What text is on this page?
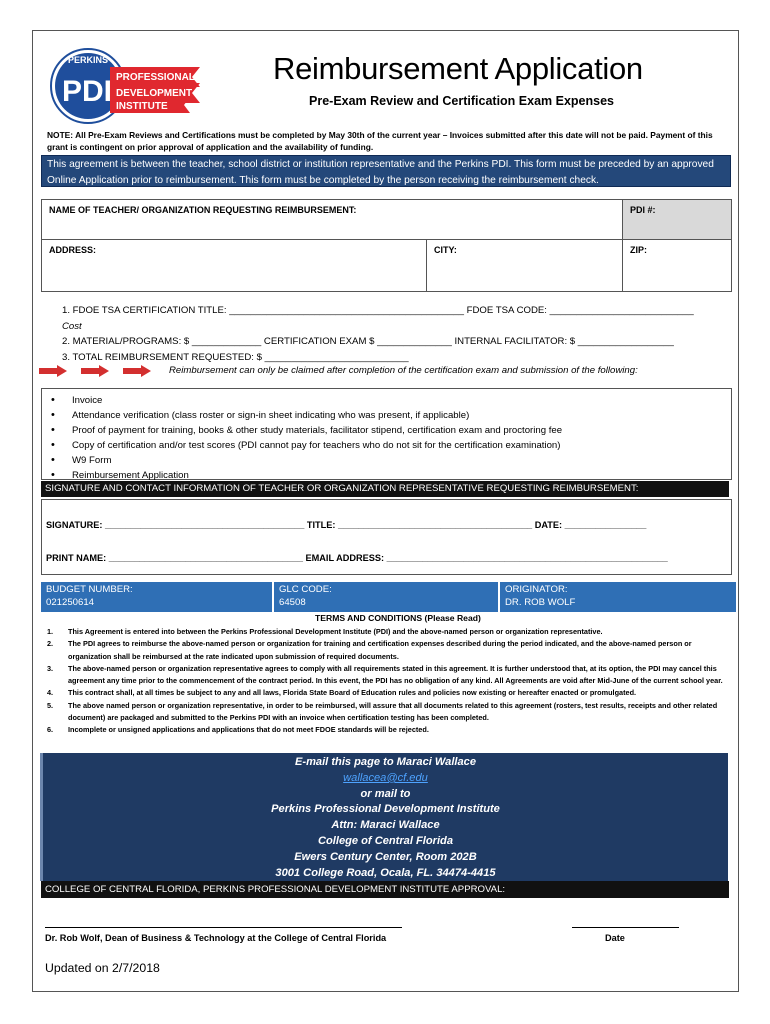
PERKINS
PDI PROFESSIONAL
DEVELOPMENT
INSTITUTE
Reimbursement Application
Pre-Exam Review and Certification Exam Expenses
NOTE: All Pre-Exam Reviews and Certifications must be completed by May 30th of the current year – Invoices submitted after this date will not be paid. Payment of this grant is contingent on prior approval of application and the availability of funding.
This agreement is between the teacher, school district or institution representative and the Perkins PDI. This form must be preceded by an approved Online Application prior to reimbursement. This form must be completed by the person receiving the reimbursement check.
NAME OF TEACHER/ ORGANIZATION REQUESTING REIMBURSEMENT:		PDI #:
ADDRESS:	CITY:	ZIP:
1. FDOE TSA CERTIFICATION TITLE: ____________________________________________ FDOE TSA CODE: ___________________________
Cost
2. MATERIAL/PROGRAMS: $ _____________ CERTIFICATION EXAM $ ______________ INTERNAL FACILITATOR: $ __________________
3. TOTAL REIMBURSEMENT REQUESTED: $ ___________________________
Reimbursement can only be claimed after completion of the certification exam and submission of the following:
• Invoice
• Attendance verification (class roster or sign-in sheet indicating who was present, if applicable)
• Proof of payment for training, books & other study materials, facilitator stipend, certification exam and proctoring fee
• Copy of certification and/or test scores (PDI cannot pay for teachers who do not sit for the certification examination)
• W9 Form
• Reimbursement Application
SIGNATURE AND CONTACT INFORMATION OF TEACHER OR ORGANIZATION REPRESENTATIVE REQUESTING REIMBURSEMENT:
SIGNATURE: _______________________________________ TITLE: ______________________________________ DATE: ________________
PRINT NAME: ______________________________________ EMAIL ADDRESS: _______________________________________________________
BUDGET NUMBER:
021250614
GLC CODE:
64508
ORIGINATOR:
DR. ROB WOLF
TERMS AND CONDITIONS (Please Read)
1. This Agreement is entered into between the Perkins Professional Development Institute (PDI) and the above-named person or organization representative.
2. The PDI agrees to reimburse the above-named person or organization for training and certification expenses described during the period indicated, and the above-named person or organization shall be reimbursed at the rate indicated upon submission of required documents.
3. The above-named person or organization representative agrees to comply with all requirements stated in this agreement. It is further understood that, at its option, the PDI may cancel this agreement any time prior to the commencement of the contract period. In this event, the PDI has no obligation of any kind. All Agreements are void after Mid-June of the current school year.
4. This contract shall, at all times be subject to any and all laws, Florida State Board of Education rules and policies now existing or hereafter enacted or promulgated.
5. The above named person or organization representative, in order to be reimbursed, will assure that all documents related to this agreement (rosters, test results, receipts and other related document) are packaged and submitted to the Perkins PDI with an invoice when certification testing has been completed.
6. Incomplete or unsigned applications and applications that do not meet FDOE standards will be rejected.
E-mail this page to Maraci Wallace
wallacea@cf.edu
or mail to
Perkins Professional Development Institute
Attn: Maraci Wallace
College of Central Florida
Ewers Century Center, Room 202B
3001 College Road, Ocala, FL. 34474-4415
COLLEGE OF CENTRAL FLORIDA, PERKINS PROFESSIONAL DEVELOPMENT INSTITUTE APPROVAL:
Dr. Rob Wolf, Dean of Business & Technology at the College of Central Florida	Date
Updated on 2/7/2018
